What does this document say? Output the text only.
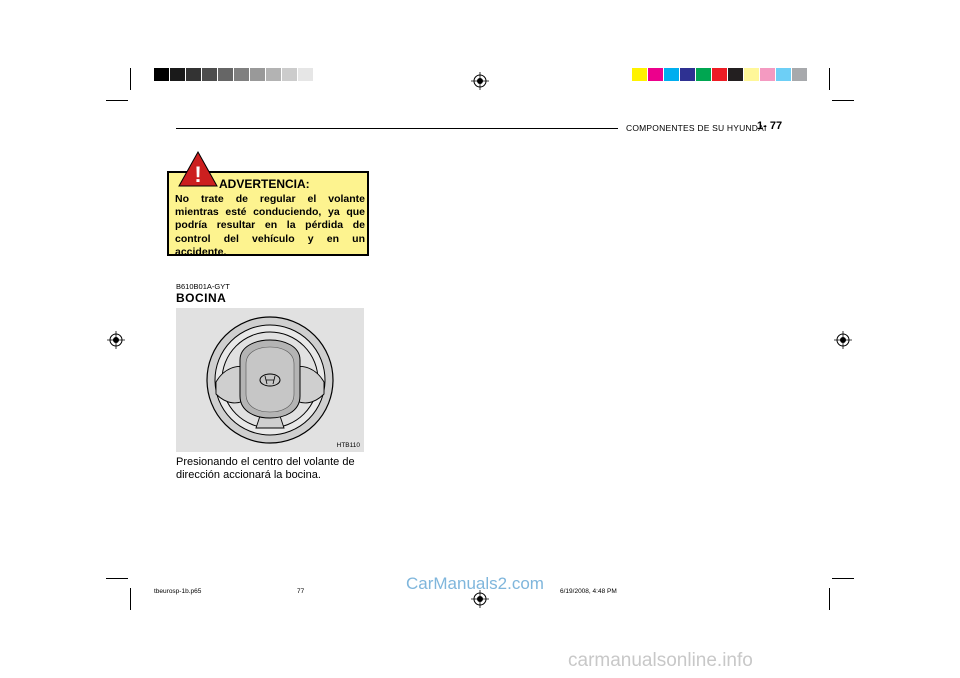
COMPONENTES DE SU HYUNDAI
1- 77
ADVERTENCIA:
No trate de regular el volante mientras esté conduciendo, ya que podría resultar en la pérdida de control del vehículo y en un accidente.
!
B610B01A-GYT
BOCINA
HTB110
Presionando el centro del volante de dirección accionará la bocina.
tbeurosp-1b.p65	77	6/19/2008, 4:48 PM
CarManuals2.com
carmanualsonline.info
